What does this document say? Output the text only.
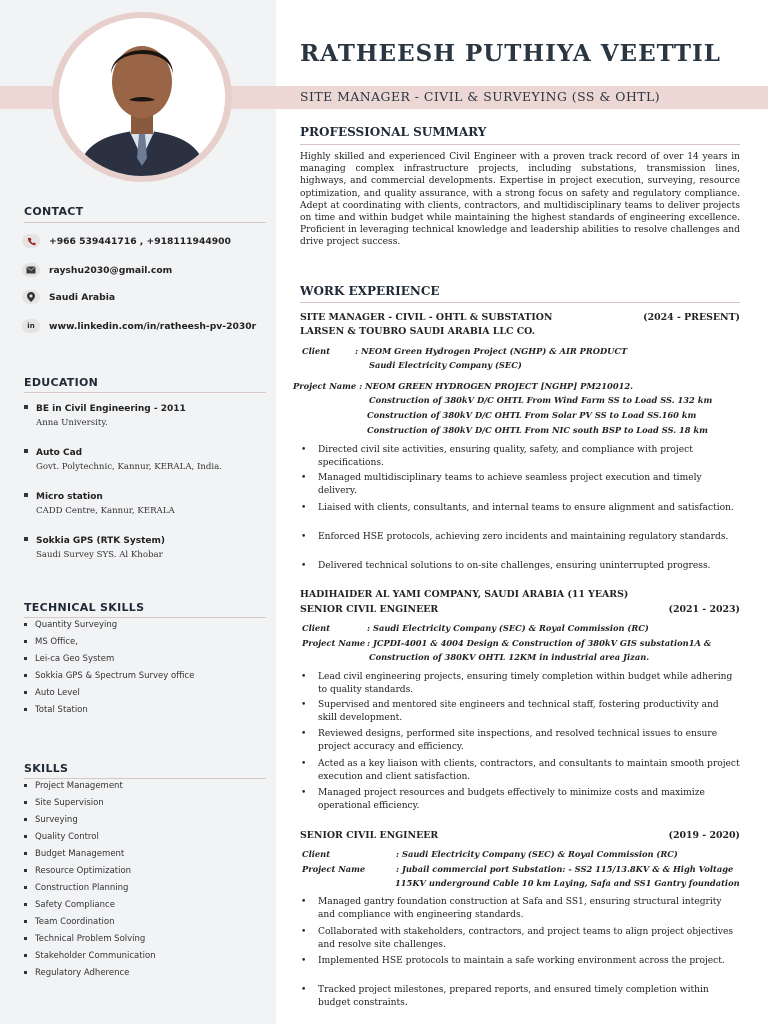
CONTACT
+966 539441716 , +918111944900
rayshu2030@gmail.com
Saudi Arabia
in www.linkedin.com/in/ratheesh-pv-2030r
EDUCATION
BE in Civil Engineering - 2011
Anna University.
Auto Cad
Govt. Polytechnic, Kannur, KERALA, India.
Micro station
CADD Centre, Kannur, KERALA
Sokkia GPS (RTK System)
Saudi Survey SYS. Al Khobar
TECHNICAL SKILLS
Quantity Surveying
MS Office,
Lei-ca Geo System
Sokkia GPS & Spectrum Survey office
Auto Level
Total Station
SKILLS
Project Management
Site Supervision
Surveying
Quality Control
Budget Management
Resource Optimization
Construction Planning
Safety Compliance
Team Coordination
Technical Problem Solving
Stakeholder Communication
Regulatory Adherence
RATHEESH PUTHIYA VEETTIL
SITE MANAGER - CIVIL & SURVEYING (SS & OHTL)
PROFESSIONAL SUMMARY
Highly skilled and experienced Civil Engineer with a proven track record of over 14 years in managing complex infrastructure projects, including substations, transmission lines, highways, and commercial developments. Expertise in project execution, surveying, resource optimization, and quality assurance, with a strong focus on safety and regulatory compliance. Adept at coordinating with clients, contractors, and multidisciplinary teams to deliver projects on time and within budget while maintaining the highest standards of engineering excellence. Proficient in leveraging technical knowledge and leadership abilities to resolve challenges and drive project success.
WORK EXPERIENCE
SITE MANAGER - CIVIL - OHTL & SUBSTATION	(2024 - PRESENT)
LARSEN & TOUBRO SAUDI ARABIA LLC CO.
Client	: NEOM Green Hydrogen Project (NGHP) & AIR PRODUCT
Saudi Electricity Company (SEC)
Project Name : NEOM GREEN HYDROGEN PROJECT [NGHP] PM210012.
Construction of 380kV D/C OHTL From Wind Farm SS to Load SS. 132 km
Construction of 380kV D/C OHTL From Solar PV SS to Load SS.160 km
Construction of 380kV D/C OHTL From NIC south BSP to Load SS. 18 km
• Directed civil site activities, ensuring quality, safety, and compliance with project specifications.
• Managed multidisciplinary teams to achieve seamless project execution and timely delivery.
• Liaised with clients, consultants, and internal teams to ensure alignment and satisfaction.
• Enforced HSE protocols, achieving zero incidents and maintaining regulatory standards.
• Delivered technical solutions to on-site challenges, ensuring uninterrupted progress.
HADIHAIDER AL YAMI COMPANY, SAUDI ARABIA (11 YEARS)
SENIOR CIVIL ENGINEER	(2021 - 2023)
Client	: Saudi Electricity Company (SEC) & Royal Commission (RC)
Project Name : JCPDI-4001 & 4004 Design & Construction of 380kV GIS substation1A &
Construction of 380KV OHTL 12KM in industrial area Jizan.
• Lead civil engineering projects, ensuring timely completion within budget while adhering to quality standards.
• Supervised and mentored site engineers and technical staff, fostering productivity and skill development.
• Reviewed designs, performed site inspections, and resolved technical issues to ensure project accuracy and efficiency.
• Acted as a key liaison with clients, contractors, and consultants to maintain smooth project execution and client satisfaction.
• Managed project resources and budgets effectively to minimize costs and maximize operational efficiency.
SENIOR CIVIL ENGINEER	(2019 - 2020)
Client	: Saudi Electricity Company (SEC) & Royal Commission (RC)
Project Name	: Jubail commercial port Substation: - SS2 115/13.8KV & & High Voltage
115KV underground Cable 10 km Laying, Safa and SS1 Gantry foundation
• Managed gantry foundation construction at Safa and SS1, ensuring structural integrity and compliance with engineering standards.
• Collaborated with stakeholders, contractors, and project teams to align project objectives and resolve site challenges.
• Implemented HSE protocols to maintain a safe working environment across the project.
• Tracked project milestones, prepared reports, and ensured timely completion within budget constraints.
